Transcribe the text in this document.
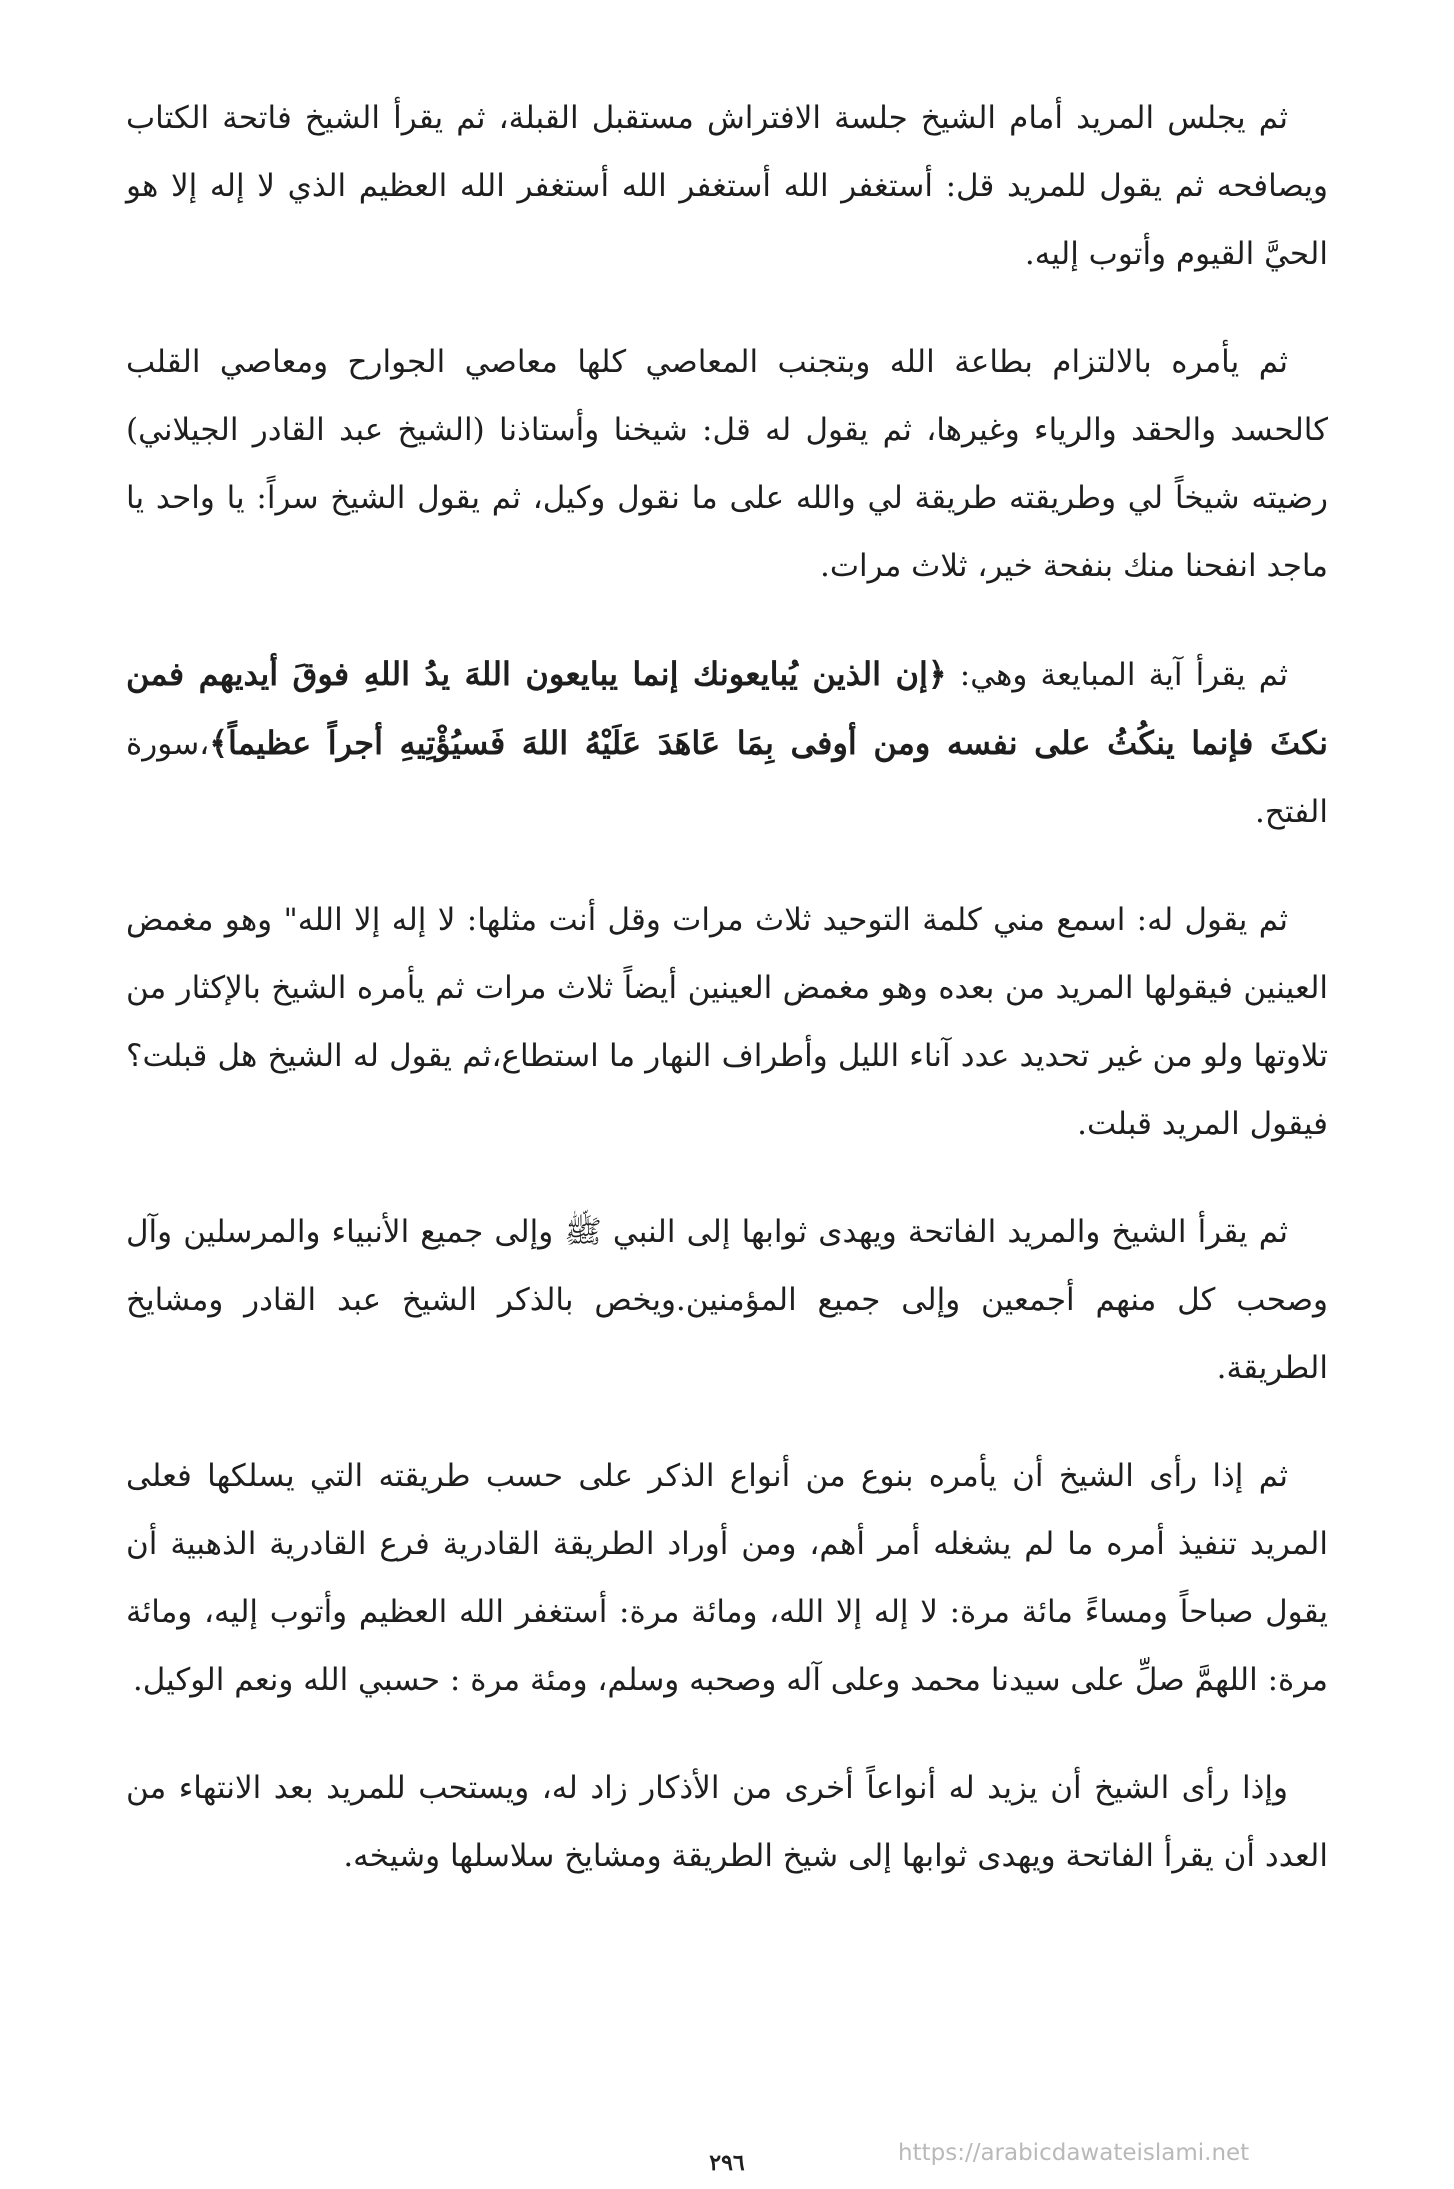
ثم يجلس المريد أمام الشيخ جلسة الافتراش مستقبل القبلة، ثم يقرأ الشيخ فاتحة الكتاب ويصافحه ثم يقول للمريد قل: أستغفر الله أستغفر الله أستغفر الله العظيم الذي لا إله إلا هو الحيَّ القيوم وأتوب إليه.

ثم يأمره بالالتزام بطاعة الله وبتجنب المعاصي كلها معاصي الجوارح ومعاصي القلب كالحسد والحقد والرياء وغيرها، ثم يقول له قل: شيخنا وأستاذنا (الشيخ عبد القادر الجيلاني) رضيته شيخاً لي وطريقته طريقة لي والله على ما نقول وكيل، ثم يقول الشيخ سراً: يا واحد يا ماجد انفحنا منك بنفحة خير، ثلاث مرات.

ثم يقرأ آية المبايعة وهي: ﴿إن الذين يُبايعونك إنما يبايعون اللهَ يدُ اللهِ فوقَ أيديهم فمن نكثَ فإنما ينكُثُ على نفسه ومن أوفى بِمَا عَاهَدَ عَلَيْهُ اللهَ فَسيُؤْتِيهِ أجراً عظيماً﴾،سورة الفتح.

ثم يقول له: اسمع مني كلمة التوحيد ثلاث مرات وقل أنت مثلها: لا إله إلا الله" وهو مغمض العينين فيقولها المريد من بعده وهو مغمض العينين أيضاً ثلاث مرات ثم يأمره الشيخ بالإكثار من تلاوتها ولو من غير تحديد عدد آناء الليل وأطراف النهار ما استطاع،ثم يقول له الشيخ هل قبلت؟ فيقول المريد قبلت.

ثم يقرأ الشيخ والمريد الفاتحة ويهدى ثوابها إلى النبي ﷺ وإلى جميع الأنبياء والمرسلين وآل وصحب كل منهم أجمعين وإلى جميع المؤمنين.ويخص بالذكر الشيخ عبد القادر ومشايخ الطريقة.

ثم إذا رأى الشيخ أن يأمره بنوع من أنواع الذكر على حسب طريقته التي يسلكها فعلى المريد تنفيذ أمره ما لم يشغله أمر أهم، ومن أوراد الطريقة القادرية فرع القادرية الذهبية أن يقول صباحاً ومساءً مائة مرة: لا إله إلا الله، ومائة مرة: أستغفر الله العظيم وأتوب إليه، ومائة مرة: اللهمَّ صلِّ على سيدنا محمد وعلى آله وصحبه وسلم، ومئة مرة : حسبي الله ونعم الوكيل.

وإذا رأى الشيخ أن يزيد له أنواعاً أخرى من الأذكار زاد له، ويستحب للمريد بعد الانتهاء من العدد أن يقرأ الفاتحة ويهدى ثوابها إلى شيخ الطريقة ومشايخ سلاسلها وشيخه.

٢٩٦	https://arabicdawateislami.net
